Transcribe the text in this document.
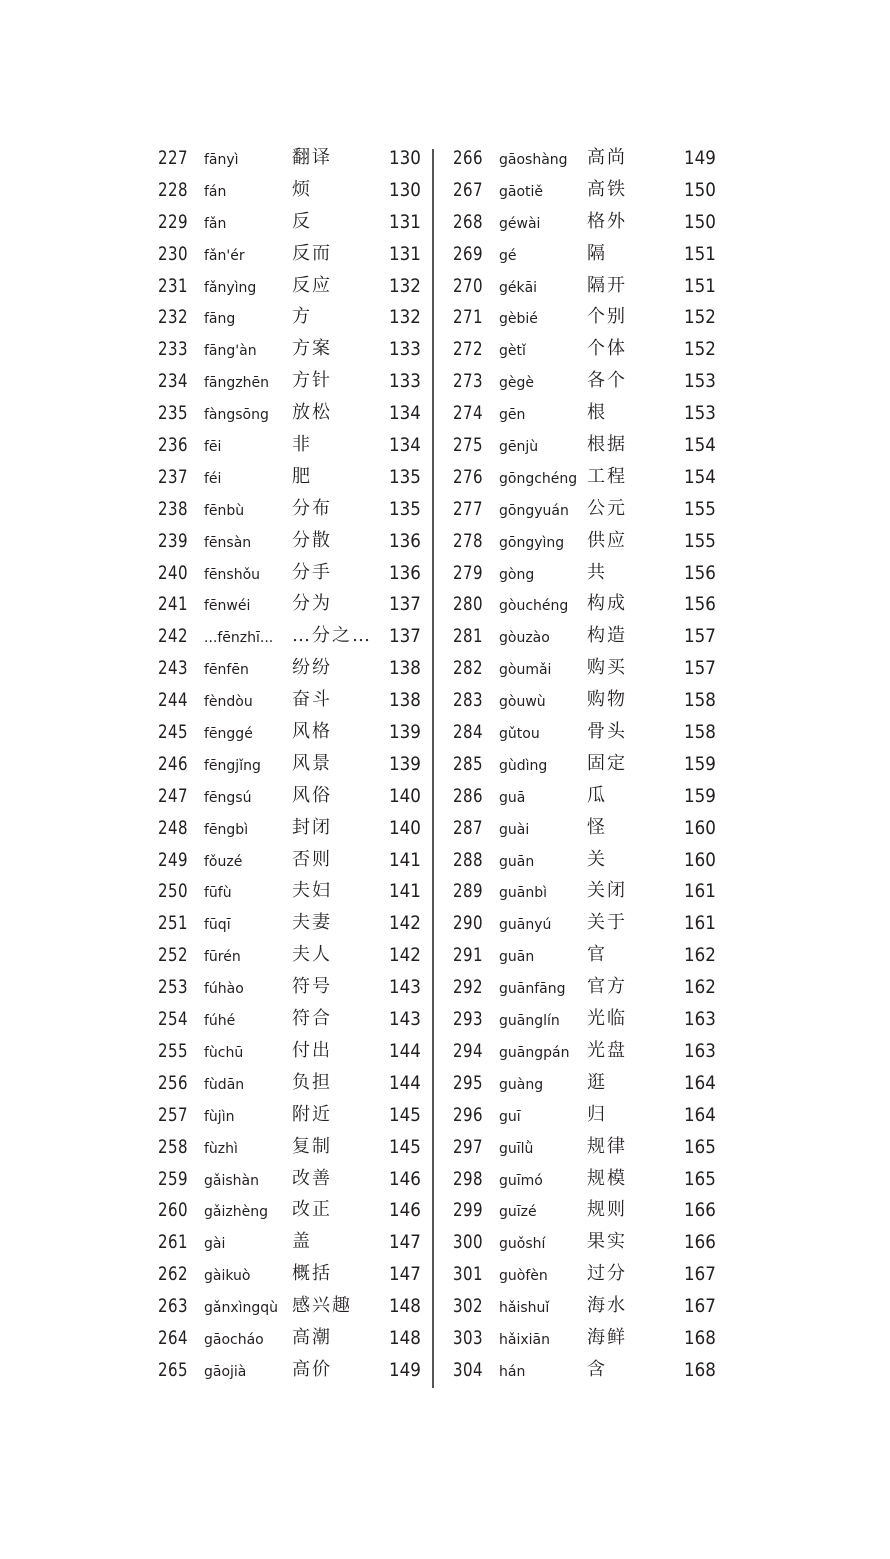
227 fānyì	翻译	130
228 fán	烦	130
229 fǎn	反	131
230 fǎn'ér	反而	131
231 fǎnyìng 反应	132
232 fāng	方	132
233 fāng'àn 方案	133
234 fāngzhēn 方针	133
235 fàngsōng 放松	134
236 fēi	非	134
237 féi	肥	135
238 fēnbù	分布	135
239 fēnsàn 分散	136
240 fēnshǒu 分手	136
241 fēnwéi 分为	137
242 ...fēnzhī... …分之… 137
243 fēnfēn 纷纷	138
244 fèndòu 奋斗	138
245 fēnggé 风格	139
246 fēngjǐng 风景	139
247 fēngsú 风俗	140
248 fēngbì 封闭	140
249 fǒuzé	否则	141
250 fūfù	夫妇	141
251 fūqī	夫妻	142
252 fūrén	夫人	142
253 fúhào	符号	143
254 fúhé	符合	143
255 fùchū	付出	144
256 fùdān	负担	144
257 fùjìn	附近	145
258 fùzhì	复制	145
259 gǎishàn 改善	146
260 gǎizhèng 改正	146
261 gài	盖	147
262 gàikuò 概括	147
263 gǎnxìngqù 感兴趣 148
264 gāocháo 高潮	148
265 gāojià	高价	149
266 gāoshàng 高尚	149
267 gāotiě 高铁	150
268 géwài	格外	150
269 gé	隔	151
270 gékāi	隔开	151
271 gèbié	个别	152
272 gètǐ	个体	152
273 gègè	各个	153
274 gēn	根	153
275 gēnjù	根据	154
276 gōngchéng 工程	154
277 gōngyuán 公元	155
278 gōngyìng 供应	155
279 gòng	共	156
280 gòuchéng 构成	156
281 gòuzào 构造	157
282 gòumǎi 购买	157
283 gòuwù 购物	158
284 gǔtou	骨头	158
285 gùdìng 固定	159
286 guā	瓜	159
287 guài	怪	160
288 guān	关	160
289 guānbì 关闭	161
290 guānyú 关于	161
291 guān	官	162
292 guānfāng 官方	162
293 guānglín 光临	163
294 guāngpán 光盘	163
295 guàng 逛	164
296 guī	归	164
297 guīlǜ	规律	165
298 guīmó 规模	165
299 guīzé	规则	166
300 guǒshí 果实	166
301 guòfèn 过分	167
302 hǎishuǐ 海水	167
303 hǎixiān 海鲜	168
304 hán	含	168
